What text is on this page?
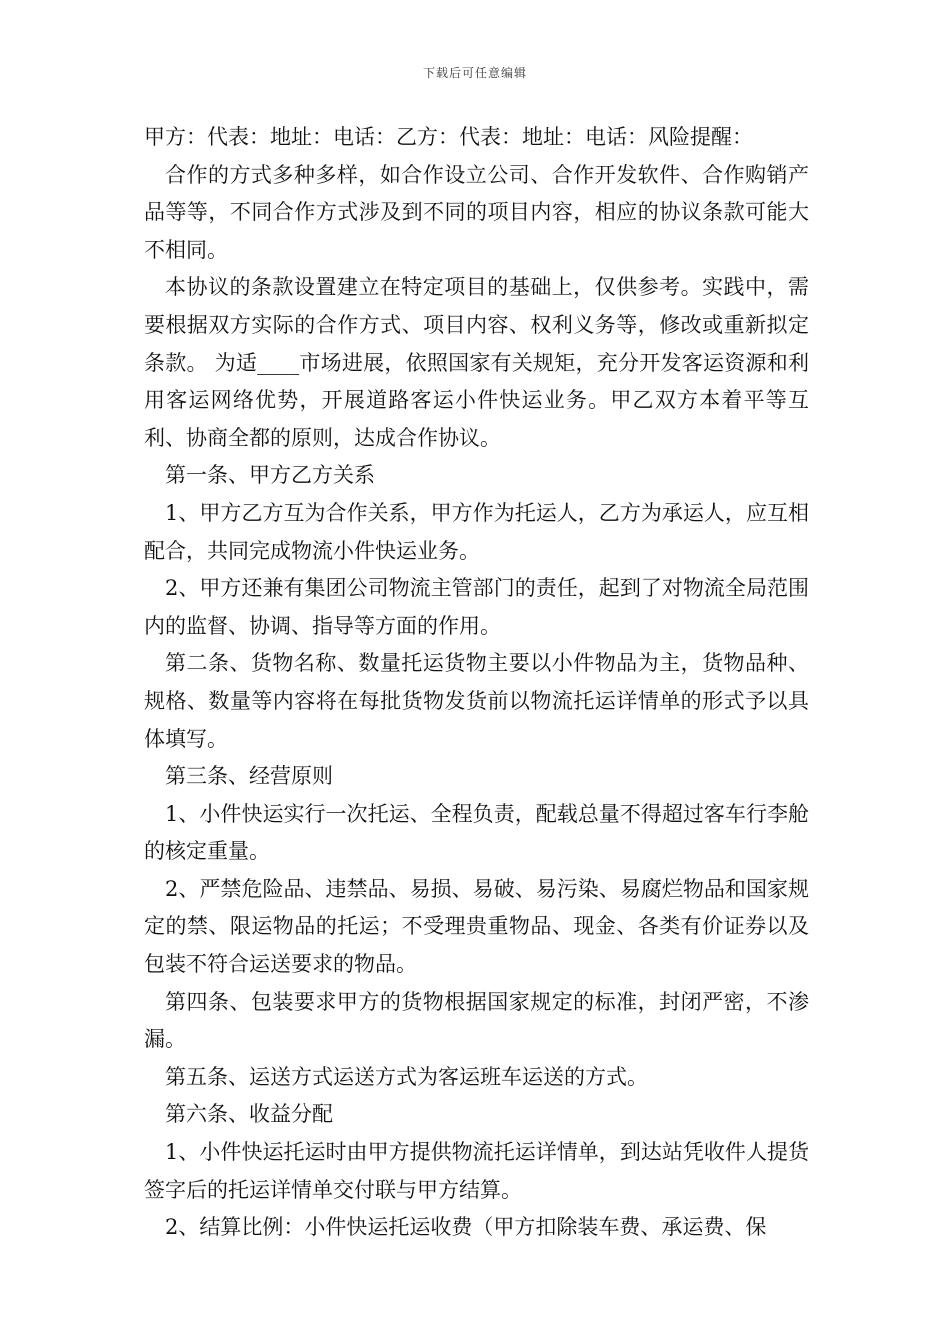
下载后可任意编辑

甲方：代表：地址：电话：乙方：代表：地址：电话：风险提醒：

合作的方式多种多样，如合作设立公司、合作开发软件、合作购销产品等等，不同合作方式涉及到不同的项目内容，相应的协议条款可能大不相同。

本协议的条款设置建立在特定项目的基础上，仅供参考。实践中，需要根据双方实际的合作方式、项目内容、权利义务等，修改或重新拟定条款。 为适____市场进展，依照国家有关规矩，充分开发客运资源和利用客运网络优势，开展道路客运小件快运业务。甲乙双方本着平等互利、协商全都的原则，达成合作协议。

第一条、甲方乙方关系

1、甲方乙方互为合作关系，甲方作为托运人，乙方为承运人，应互相配合，共同完成物流小件快运业务。

2、甲方还兼有集团公司物流主管部门的责任，起到了对物流全局范围内的监督、协调、指导等方面的作用。

第二条、货物名称、数量托运货物主要以小件物品为主，货物品种、规格、数量等内容将在每批货物发货前以物流托运详情单的形式予以具体填写。

第三条、经营原则

1、小件快运实行一次托运、全程负责，配载总量不得超过客车行李舱的核定重量。

2、严禁危险品、违禁品、易损、易破、易污染、易腐烂物品和国家规定的禁、限运物品的托运；不受理贵重物品、现金、各类有价证券以及包装不符合运送要求的物品。

第四条、包装要求甲方的货物根据国家规定的标准，封闭严密，不渗漏。

第五条、运送方式运送方式为客运班车运送的方式。

第六条、收益分配

1、小件快运托运时由甲方提供物流托运详情单，到达站凭收件人提货签字后的托运详情单交付联与甲方结算。

2、结算比例：小件快运托运收费（甲方扣除装车费、承运费、保
